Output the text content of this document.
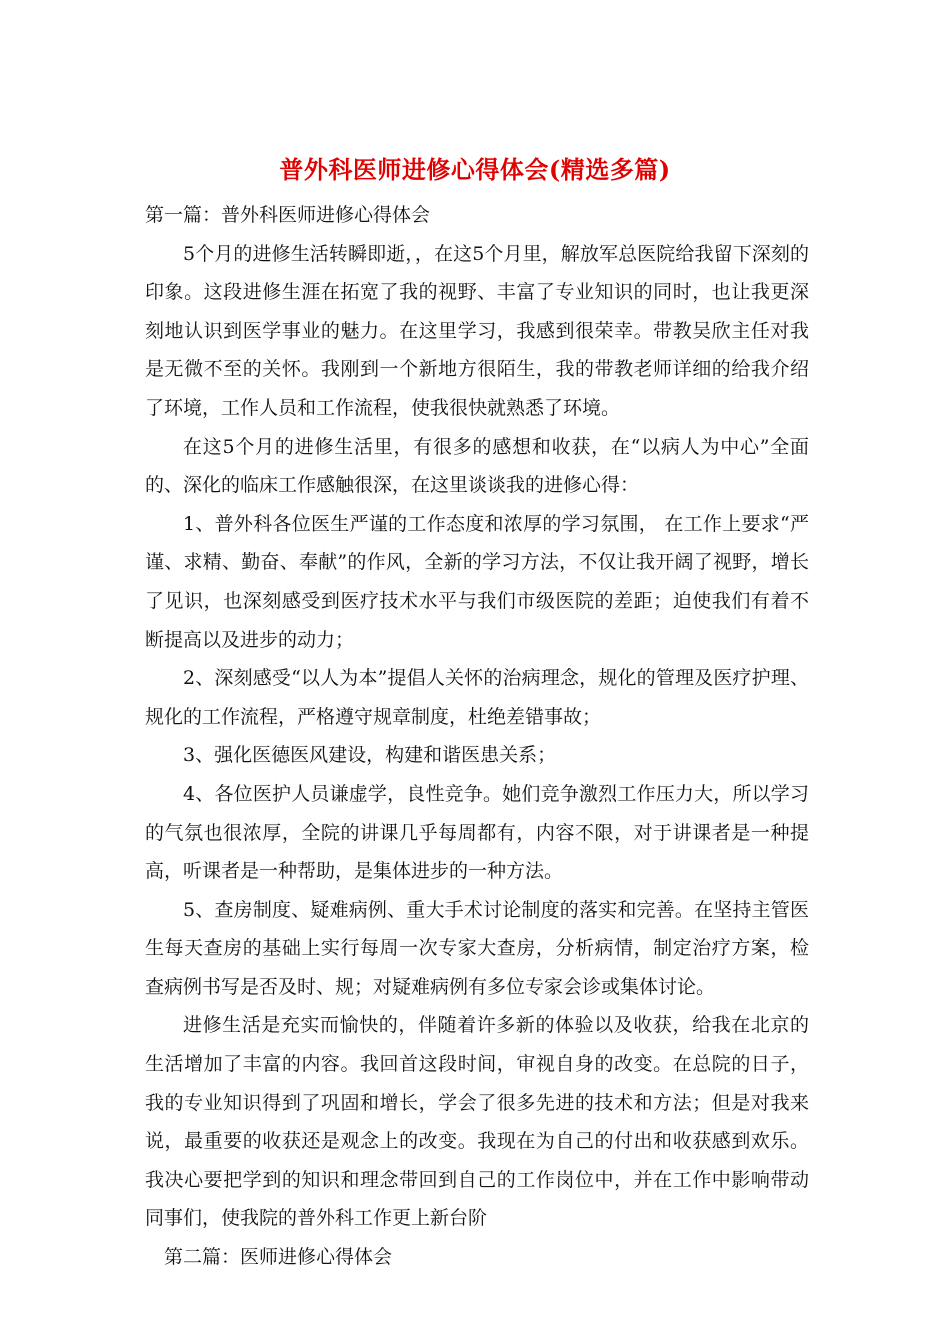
普外科医师进修心得体会(精选多篇)

第一篇：普外科医师进修心得体会

5个月的进修生活转瞬即逝，，在这5个月里，解放军总医院给我留下深刻的印象。这段进修生涯在拓宽了我的视野、丰富了专业知识的同时，也让我更深刻地认识到医学事业的魅力。在这里学习，我感到很荣幸。带教吴欣主任对我是无微不至的关怀。我刚到一个新地方很陌生，我的带教老师详细的给我介绍了环境，工作人员和工作流程，使我很快就熟悉了环境。

在这5个月的进修生活里，有很多的感想和收获，在“以病人为中心”全面的、深化的临床工作感触很深，在这里谈谈我的进修心得：

1、普外科各位医生严谨的工作态度和浓厚的学习氛围， 在工作上要求“严谨、求精、勤奋、奉献”的作风，全新的学习方法，不仅让我开阔了视野，增长了见识，也深刻感受到医疗技术水平与我们市级医院的差距；迫使我们有着不断提高以及进步的动力；

2、深刻感受“以人为本”提倡人关怀的治病理念，规化的管理及医疗护理、规化的工作流程，严格遵守规章制度，杜绝差错事故；

3、强化医德医风建设，构建和谐医患关系；

4、各位医护人员谦虚学，良性竞争。她们竞争激烈工作压力大，所以学习的气氛也很浓厚，全院的讲课几乎每周都有，内容不限，对于讲课者是一种提高，听课者是一种帮助，是集体进步的一种方法。

5、查房制度、疑难病例、重大手术讨论制度的落实和完善。在坚持主管医生每天查房的基础上实行每周一次专家大查房，分析病情，制定治疗方案，检查病例书写是否及时、规；对疑难病例有多位专家会诊或集体讨论。

进修生活是充实而愉快的，伴随着许多新的体验以及收获，给我在北京的生活增加了丰富的内容。我回首这段时间，审视自身的改变。在总院的日子，我的专业知识得到了巩固和增长，学会了很多先进的技术和方法；但是对我来说，最重要的收获还是观念上的改变。我现在为自己的付出和收获感到欢乐。我决心要把学到的知识和理念带回到自己的工作岗位中，并在工作中影响带动同事们，使我院的普外科工作更上新台阶

第二篇：医师进修心得体会
